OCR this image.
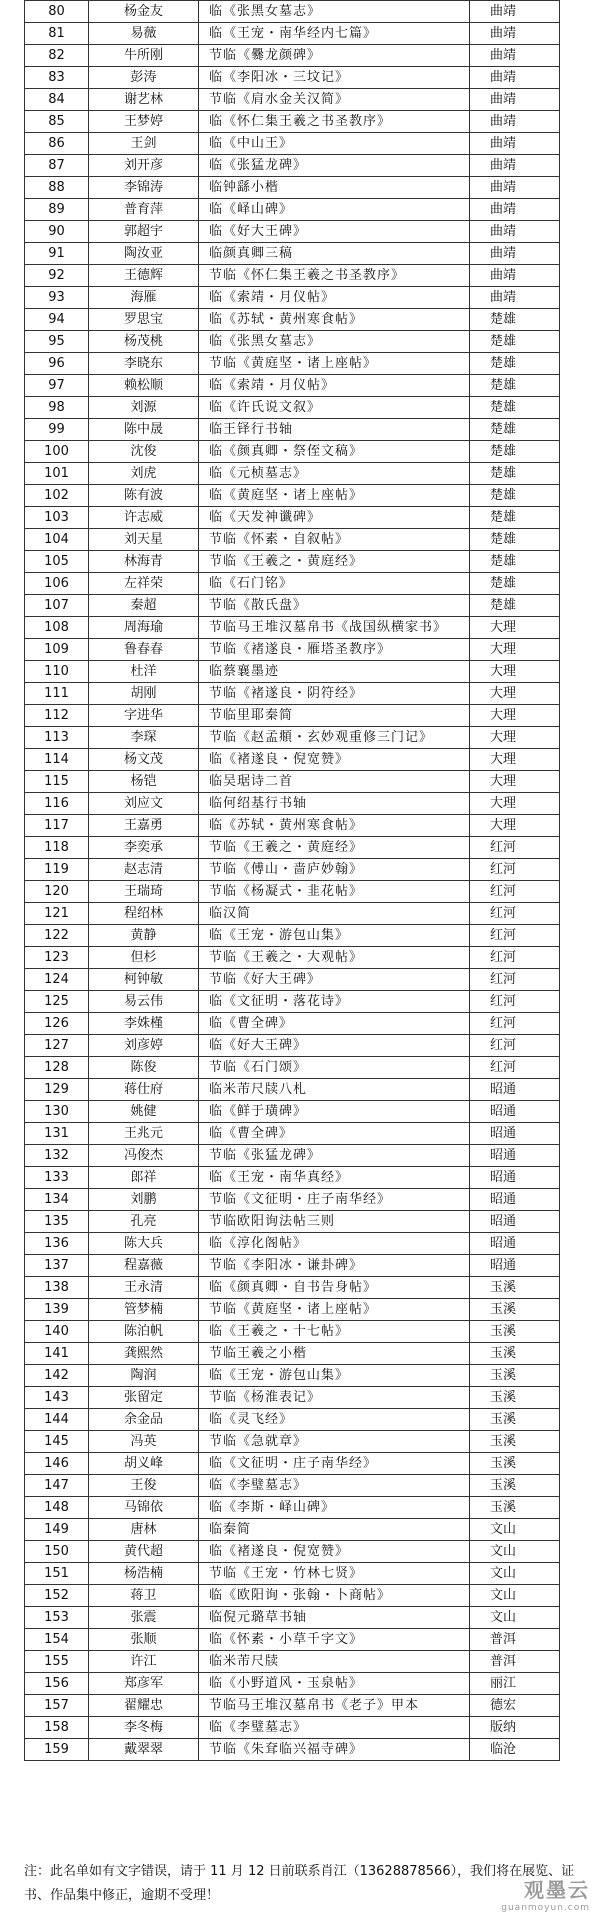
80	杨金友	临《张黑女墓志》	曲靖
81	易薇	临《王宠・南华经内七篇》	曲靖
82	牛所刚	节临《爨龙颜碑》	曲靖
83	彭涛	临《李阳冰・三坟记》	曲靖
84	谢艺林	节临《肩水金关汉简》	曲靖
85	王梦婷	临《怀仁集王羲之书圣教序》	曲靖
86	王剑	临《中山王》	曲靖
87	刘开彦	临《张猛龙碑》	曲靖
88	李锦涛	临钟繇小楷	曲靖
89	普育萍	临《峄山碑》	曲靖
90	郭超宇	临《好大王碑》	曲靖
91	陶汝亚	临颜真卿三稿	曲靖
92	王德辉	节临《怀仁集王羲之书圣教序》	曲靖
93	海雁	临《索靖・月仪帖》	曲靖
94	罗思宝	临《苏轼・黄州寒食帖》	楚雄
95	杨茂桃	临《张黑女墓志》	楚雄
96	李晓东	节临《黄庭坚・诸上座帖》	楚雄
97	赖松顺	临《索靖・月仪帖》	楚雄
98	刘源	临《许氏说文叙》	楚雄
99	陈中晟	临王铎行书轴	楚雄
100	沈俊	临《颜真卿・祭侄文稿》	楚雄
101	刘虎	临《元桢墓志》	楚雄
102	陈有波	临《黄庭坚・诸上座帖》	楚雄
103	许志威	临《天发神谶碑》	楚雄
104	刘天星	节临《怀素・自叙帖》	楚雄
105	林海青	节临《王羲之・黄庭经》	楚雄
106	左祥荣	临《石门铭》	楚雄
107	秦超	节临《散氏盘》	楚雄
108	周海瑜	节临马王堆汉墓帛书《战国纵横家书》	大理
109	鲁春春	节临《褚遂良・雁塔圣教序》	大理
110	杜洋	临蔡襄墨迹	大理
111	胡刚	节临《褚遂良・阴符经》	大理
112	字进华	节临里耶秦简	大理
113	李琛	节临《赵孟頫・玄妙观重修三门记》	大理
114	杨文茂	临《褚遂良・倪宽赞》	大理
115	杨铠	临吴琚诗二首	大理
116	刘应文	临何绍基行书轴	大理
117	王嘉勇	临《苏轼・黄州寒食帖》	大理
118	李奕承	节临《王羲之・黄庭经》	红河
119	赵志清	节临《傅山・啬庐妙翰》	红河
120	王瑞琦	节临《杨凝式・韭花帖》	红河
121	程绍林	临汉简	红河
122	黄静	临《王宠・游包山集》	红河
123	但杉	节临《王羲之・大观帖》	红河
124	柯钟敏	节临《好大王碑》	红河
125	易云伟	临《文征明・落花诗》	红河
126	李姝槿	临《曹全碑》	红河
127	刘彦婷	临《好大王碑》	红河
128	陈俊	节临《石门颂》	红河
129	蒋仕府	临米芾尺牍八札	昭通
130	姚健	临《鲜于璜碑》	昭通
131	王兆元	临《曹全碑》	昭通
132	冯俊杰	节临《张猛龙碑》	昭通
133	郎祥	临《王宠・南华真经》	昭通
134	刘鹏	节临《文征明・庄子南华经》	昭通
135	孔亮	节临欧阳询法帖三则	昭通
136	陈大兵	临《淳化阁帖》	昭通
137	程嘉薇	节临《李阳冰・谦卦碑》	昭通
138	王永清	临《颜真卿・自书告身帖》	玉溪
139	管梦楠	节临《黄庭坚・诸上座帖》	玉溪
140	陈泊帆	临《王羲之・十七帖》	玉溪
141	龚熙然	节临王羲之小楷	玉溪
142	陶润	临《王宠・游包山集》	玉溪
143	张留定	节临《杨淮表记》	玉溪
144	余金品	临《灵飞经》	玉溪
145	冯英	节临《急就章》	玉溪
146	胡义峰	临《文征明・庄子南华经》	玉溪
147	王俊	临《李璧墓志》	玉溪
148	马锦依	临《李斯・峄山碑》	玉溪
149	唐林	临秦简	文山
150	黄代超	临《褚遂良・倪宽赞》	文山
151	杨浩楠	节临《王宠・竹林七贤》	文山
152	蒋卫	临《欧阳询・张翰・卜商帖》	文山
153	张震	临倪元璐草书轴	文山
154	张顺	临《怀素・小草千字文》	普洱
155	许江	临米芾尺牍	普洱
156	郑彦军	临《小野道风・玉泉帖》	丽江
157	翟耀忠	节临马王堆汉墓帛书《老子》甲本	德宏
158	李冬梅	临《李璧墓志》	版纳
159	戴翠翠	节临《朱耷临兴福寺碑》	临沧
注：此名单如有文字错误，请于 11 月 12 日前联系肖江（13628878566），我们将在展览、证书、作品集中修正，逾期不受理！	观墨云
guanmoyun.com
